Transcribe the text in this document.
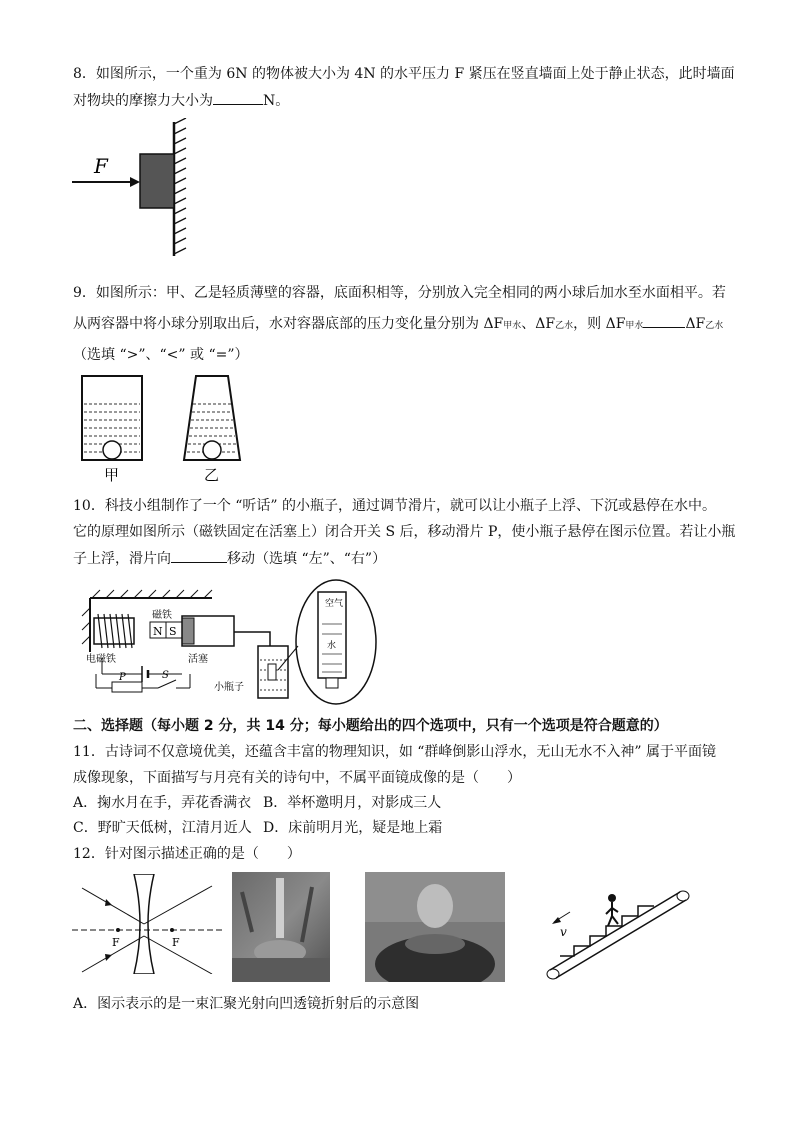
8．如图所示，一个重为 6N 的物体被大小为 4N 的水平压力 F 紧压在竖直墙面上处于静止状态，此时墙面
对物块的摩擦力大小为	N。
F
9．如图所示：甲、乙是轻质薄壁的容器，底面积相等，分别放入完全相同的两小球后加水至水面相平。若
从两容器中将小球分别取出后，水对容器底部的压力变化量分别为 ΔF甲水、ΔF乙水，则 ΔF甲水	ΔF乙水
（选填 “>”、“<” 或 “=”）
甲	乙
10．科技小组制作了一个 “听话” 的小瓶子，通过调节滑片，就可以让小瓶子上浮、下沉或悬停在水中。
它的原理如图所示（磁铁固定在活塞上）闭合开关 S 后，移动滑片 P，使小瓶子悬停在图示位置。若让小瓶
子上浮，滑片向	移动（选填 “左”、“右”）
电磁铁
N S
磁铁
活塞
P	S
小瓶子
空气
水
二、选择题（每小题 2 分，共 14 分；每小题给出的四个选项中，只有一个选项是符合题意的）
11．古诗词不仅意境优美，还蕴含丰富的物理知识，如 “群峰倒影山浮水，无山无水不入神” 属于平面镜
成像现象，下面描写与月亮有关的诗句中，不属平面镜成像的是（　　）
A．掬水月在手，弄花香满衣 B．举杯邀明月，对影成三人
C．野旷天低树，江清月近人 D．床前明月光，疑是地上霜
12．针对图示描述正确的是（　　）
F	F
v
A．图示表示的是一束汇聚光射向凹透镜折射后的示意图
